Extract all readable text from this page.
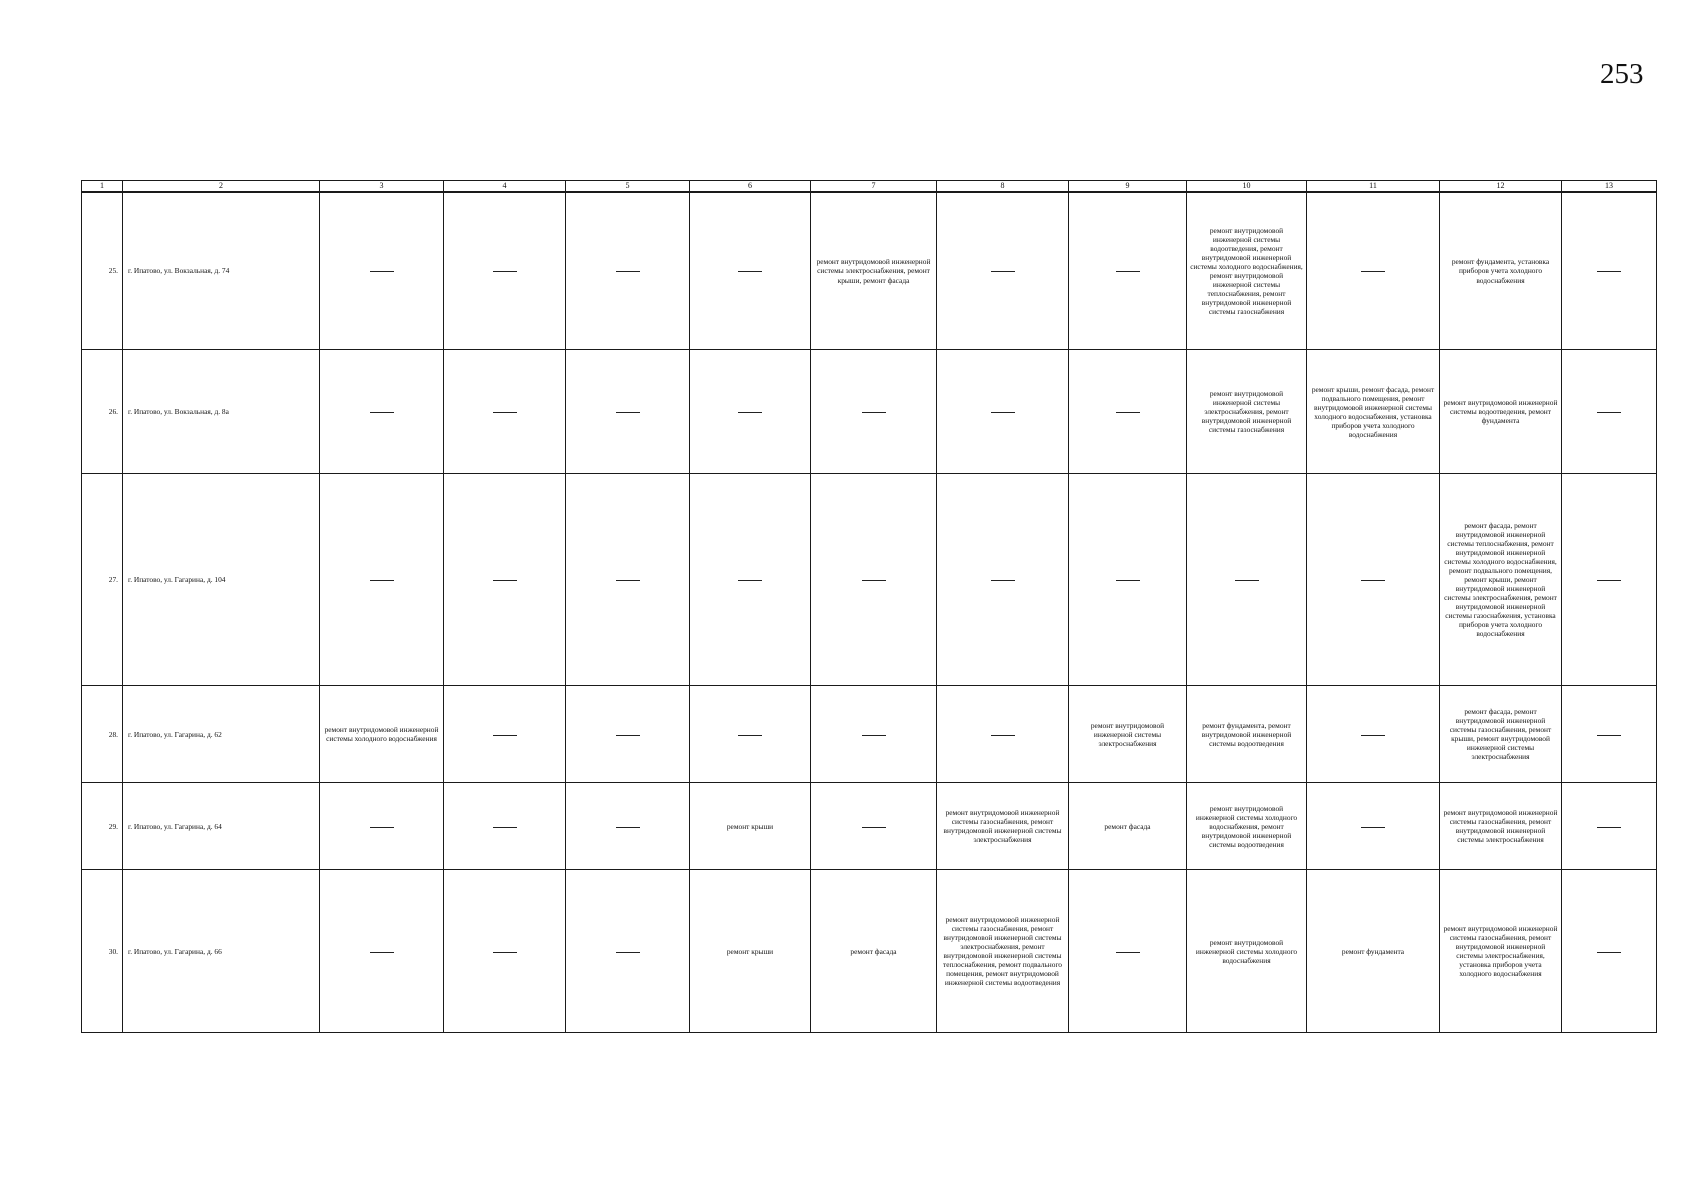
253
1	2	3	4	5	6	7	8	9	10	11	12	13
25.	г. Ипатово, ул. Вокзальная, д. 74					ремонт внутридомовой инженерной системы электроснабжения, ремонт крыши, ремонт фасада			ремонт внутридомовой инженерной системы водоотведения, ремонт внутридомовой инженерной системы холодного водоснабжения, ремонт внутридомовой инженерной системы теплоснабжения, ремонт внутридомовой инженерной системы газоснабжения		ремонт фундамента, установка приборов учета холодного водоснабжения	
26.	г. Ипатово, ул. Вокзальная, д. 8а								ремонт внутридомовой инженерной системы электроснабжения, ремонт внутридомовой инженерной системы газоснабжения	ремонт крыши, ремонт фасада, ремонт подвального помещения, ремонт внутридомовой инженерной системы холодного водоснабжения, установка приборов учета холодного водоснабжения	ремонт внутридомовой инженерной системы водоотведения, ремонт фундамента	
27.	г. Ипатово, ул. Гагарина, д. 104										ремонт фасада, ремонт внутридомовой инженерной системы теплоснабжения, ремонт внутридомовой инженерной системы холодного водоснабжения, ремонт подвального помещения, ремонт крыши, ремонт внутридомовой инженерной системы электроснабжения, ремонт внутридомовой инженерной системы газоснабжения, установка приборов учета холодного водоснабжения	
28.	г. Ипатово, ул. Гагарина, д. 62	ремонт внутридомовой инженерной системы холодного водоснабжения						ремонт внутридомовой инженерной системы электроснабжения	ремонт фундамента, ремонт внутридомовой инженерной системы водоотведения		ремонт фасада, ремонт внутридомовой инженерной системы газоснабжения, ремонт крыши, ремонт внутридомовой инженерной системы электроснабжения	
29.	г. Ипатово, ул. Гагарина, д. 64				ремонт крыши		ремонт внутридомовой инженерной системы газоснабжения, ремонт внутридомовой инженерной системы электроснабжения	ремонт фасада	ремонт внутридомовой инженерной системы холодного водоснабжения, ремонт внутридомовой инженерной системы водоотведения		ремонт внутридомовой инженерной системы газоснабжения, ремонт внутридомовой инженерной системы электроснабжения	
30.	г. Ипатово, ул. Гагарина, д. 66				ремонт крыши	ремонт фасада	ремонт внутридомовой инженерной системы газоснабжения, ремонт внутридомовой инженерной системы электроснабжения, ремонт внутридомовой инженерной системы теплоснабжения, ремонт подвального помещения, ремонт внутридомовой инженерной системы водоотведения		ремонт внутридомовой инженерной системы холодного водоснабжения	ремонт фундамента	ремонт внутридомовой инженерной системы газоснабжения, ремонт внутридомовой инженерной системы электроснабжения, установка приборов учета холодного водоснабжения	
